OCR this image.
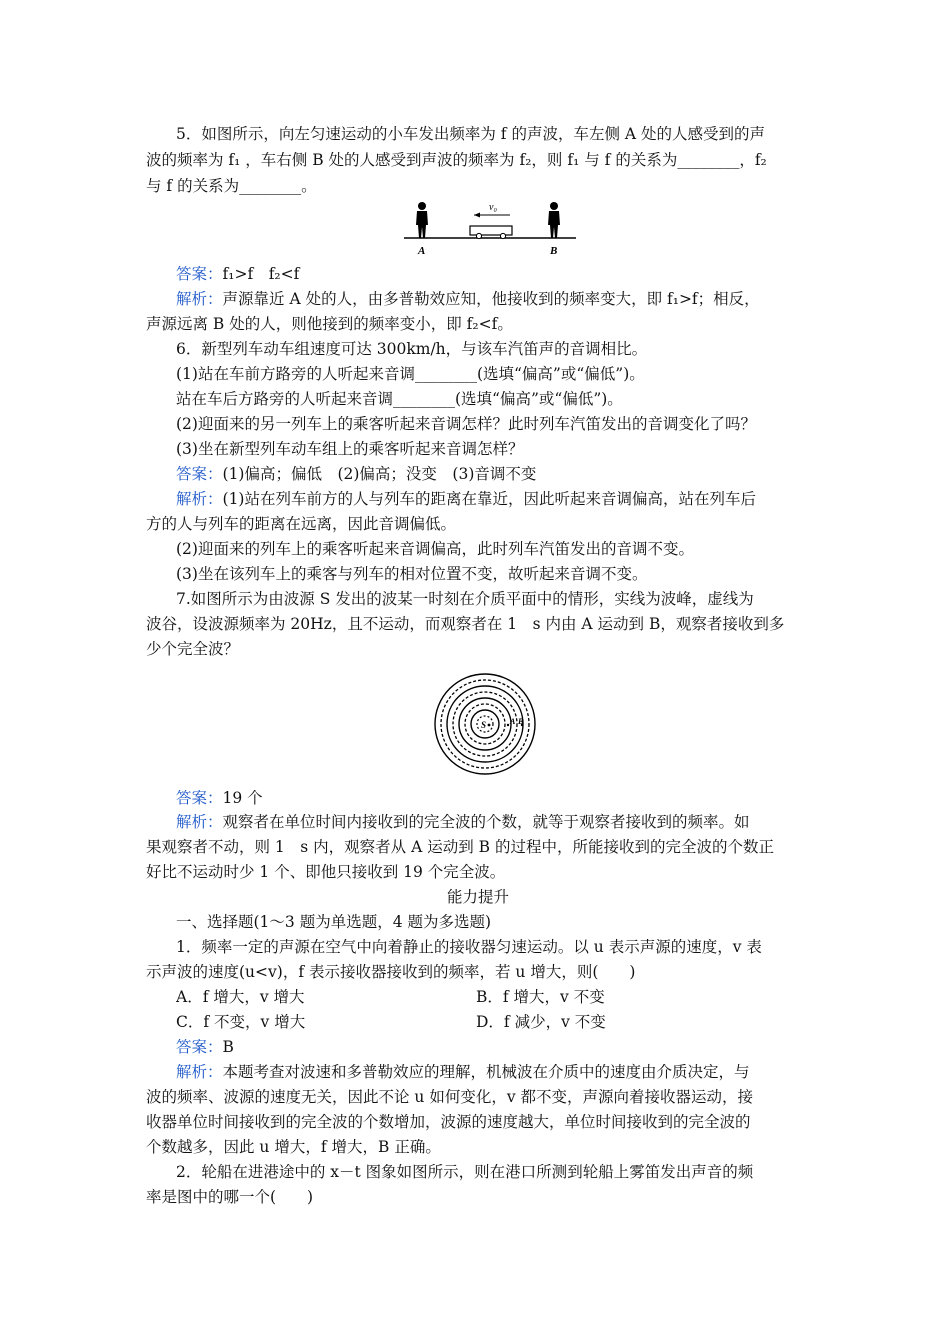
5．如图所示，向左匀速运动的小车发出频率为 f 的声波，车左侧 A 处的人感受到的声
波的频率为 f₁ ，车右侧 B 处的人感受到声波的频率为 f₂，则 f₁ 与 f 的关系为________，f₂
与 f 的关系为________。
v₀
A	B
答案：f₁>f　f₂<f
解析：声源靠近 A 处的人，由多普勒效应知，他接收到的频率变大，即 f₁>f；相反，
声源远离 B 处的人，则他接到的频率变小，即 f₂<f。
6．新型列车动车组速度可达 300km/h，与该车汽笛声的音调相比。
(1)站在车前方路旁的人听起来音调________(选填“偏高”或“偏低”)。
站在车后方路旁的人听起来音调________(选填“偏高”或“偏低”)。
(2)迎面来的另一列车上的乘客听起来音调怎样？此时列车汽笛发出的音调变化了吗？
(3)坐在新型列车动车组上的乘客听起来音调怎样？
答案：(1)偏高；偏低　(2)偏高；没变　(3)音调不变
解析：(1)站在列车前方的人与列车的距离在靠近，因此听起来音调偏高，站在列车后
方的人与列车的距离在远离，因此音调偏低。
(2)迎面来的列车上的乘客听起来音调偏高，此时列车汽笛发出的音调不变。
(3)坐在该列车上的乘客与列车的相对位置不变，故听起来音调不变。
7.如图所示为由波源 S 发出的波某一时刻在介质平面中的情形，实线为波峰，虚线为
波谷，设波源频率为 20Hz，且不运动，而观察者在 1　s 内由 A 运动到 B，观察者接收到多
少个完全波？
S	A B
答案：19 个
解析：观察者在单位时间内接收到的完全波的个数，就等于观察者接收到的频率。如
果观察者不动，则 1　s 内，观察者从 A 运动到 B 的过程中，所能接收到的完全波的个数正
好比不运动时少 1 个、即他只接收到 19 个完全波。
能力提升
一、选择题(1～3 题为单选题，4 题为多选题)
1．频率一定的声源在空气中向着静止的接收器匀速运动。以 u 表示声源的速度，v 表
示声波的速度(u<v)，f 表示接收器接收到的频率，若 u 增大，则(　　)
A．f 增大，v 增大	B．f 增大，v 不变
C．f 不变，v 增大	D．f 减少，v 不变
答案：B
解析：本题考查对波速和多普勒效应的理解，机械波在介质中的速度由介质决定，与
波的频率、波源的速度无关，因此不论 u 如何变化，v 都不变，声源向着接收器运动，接
收器单位时间接收到的完全波的个数增加，波源的速度越大，单位时间接收到的完全波的
个数越多，因此 u 增大，f 增大，B 正确。
2．轮船在进港途中的 x－t 图象如图所示，则在港口所测到轮船上雾笛发出声音的频
率是图中的哪一个(　　)
